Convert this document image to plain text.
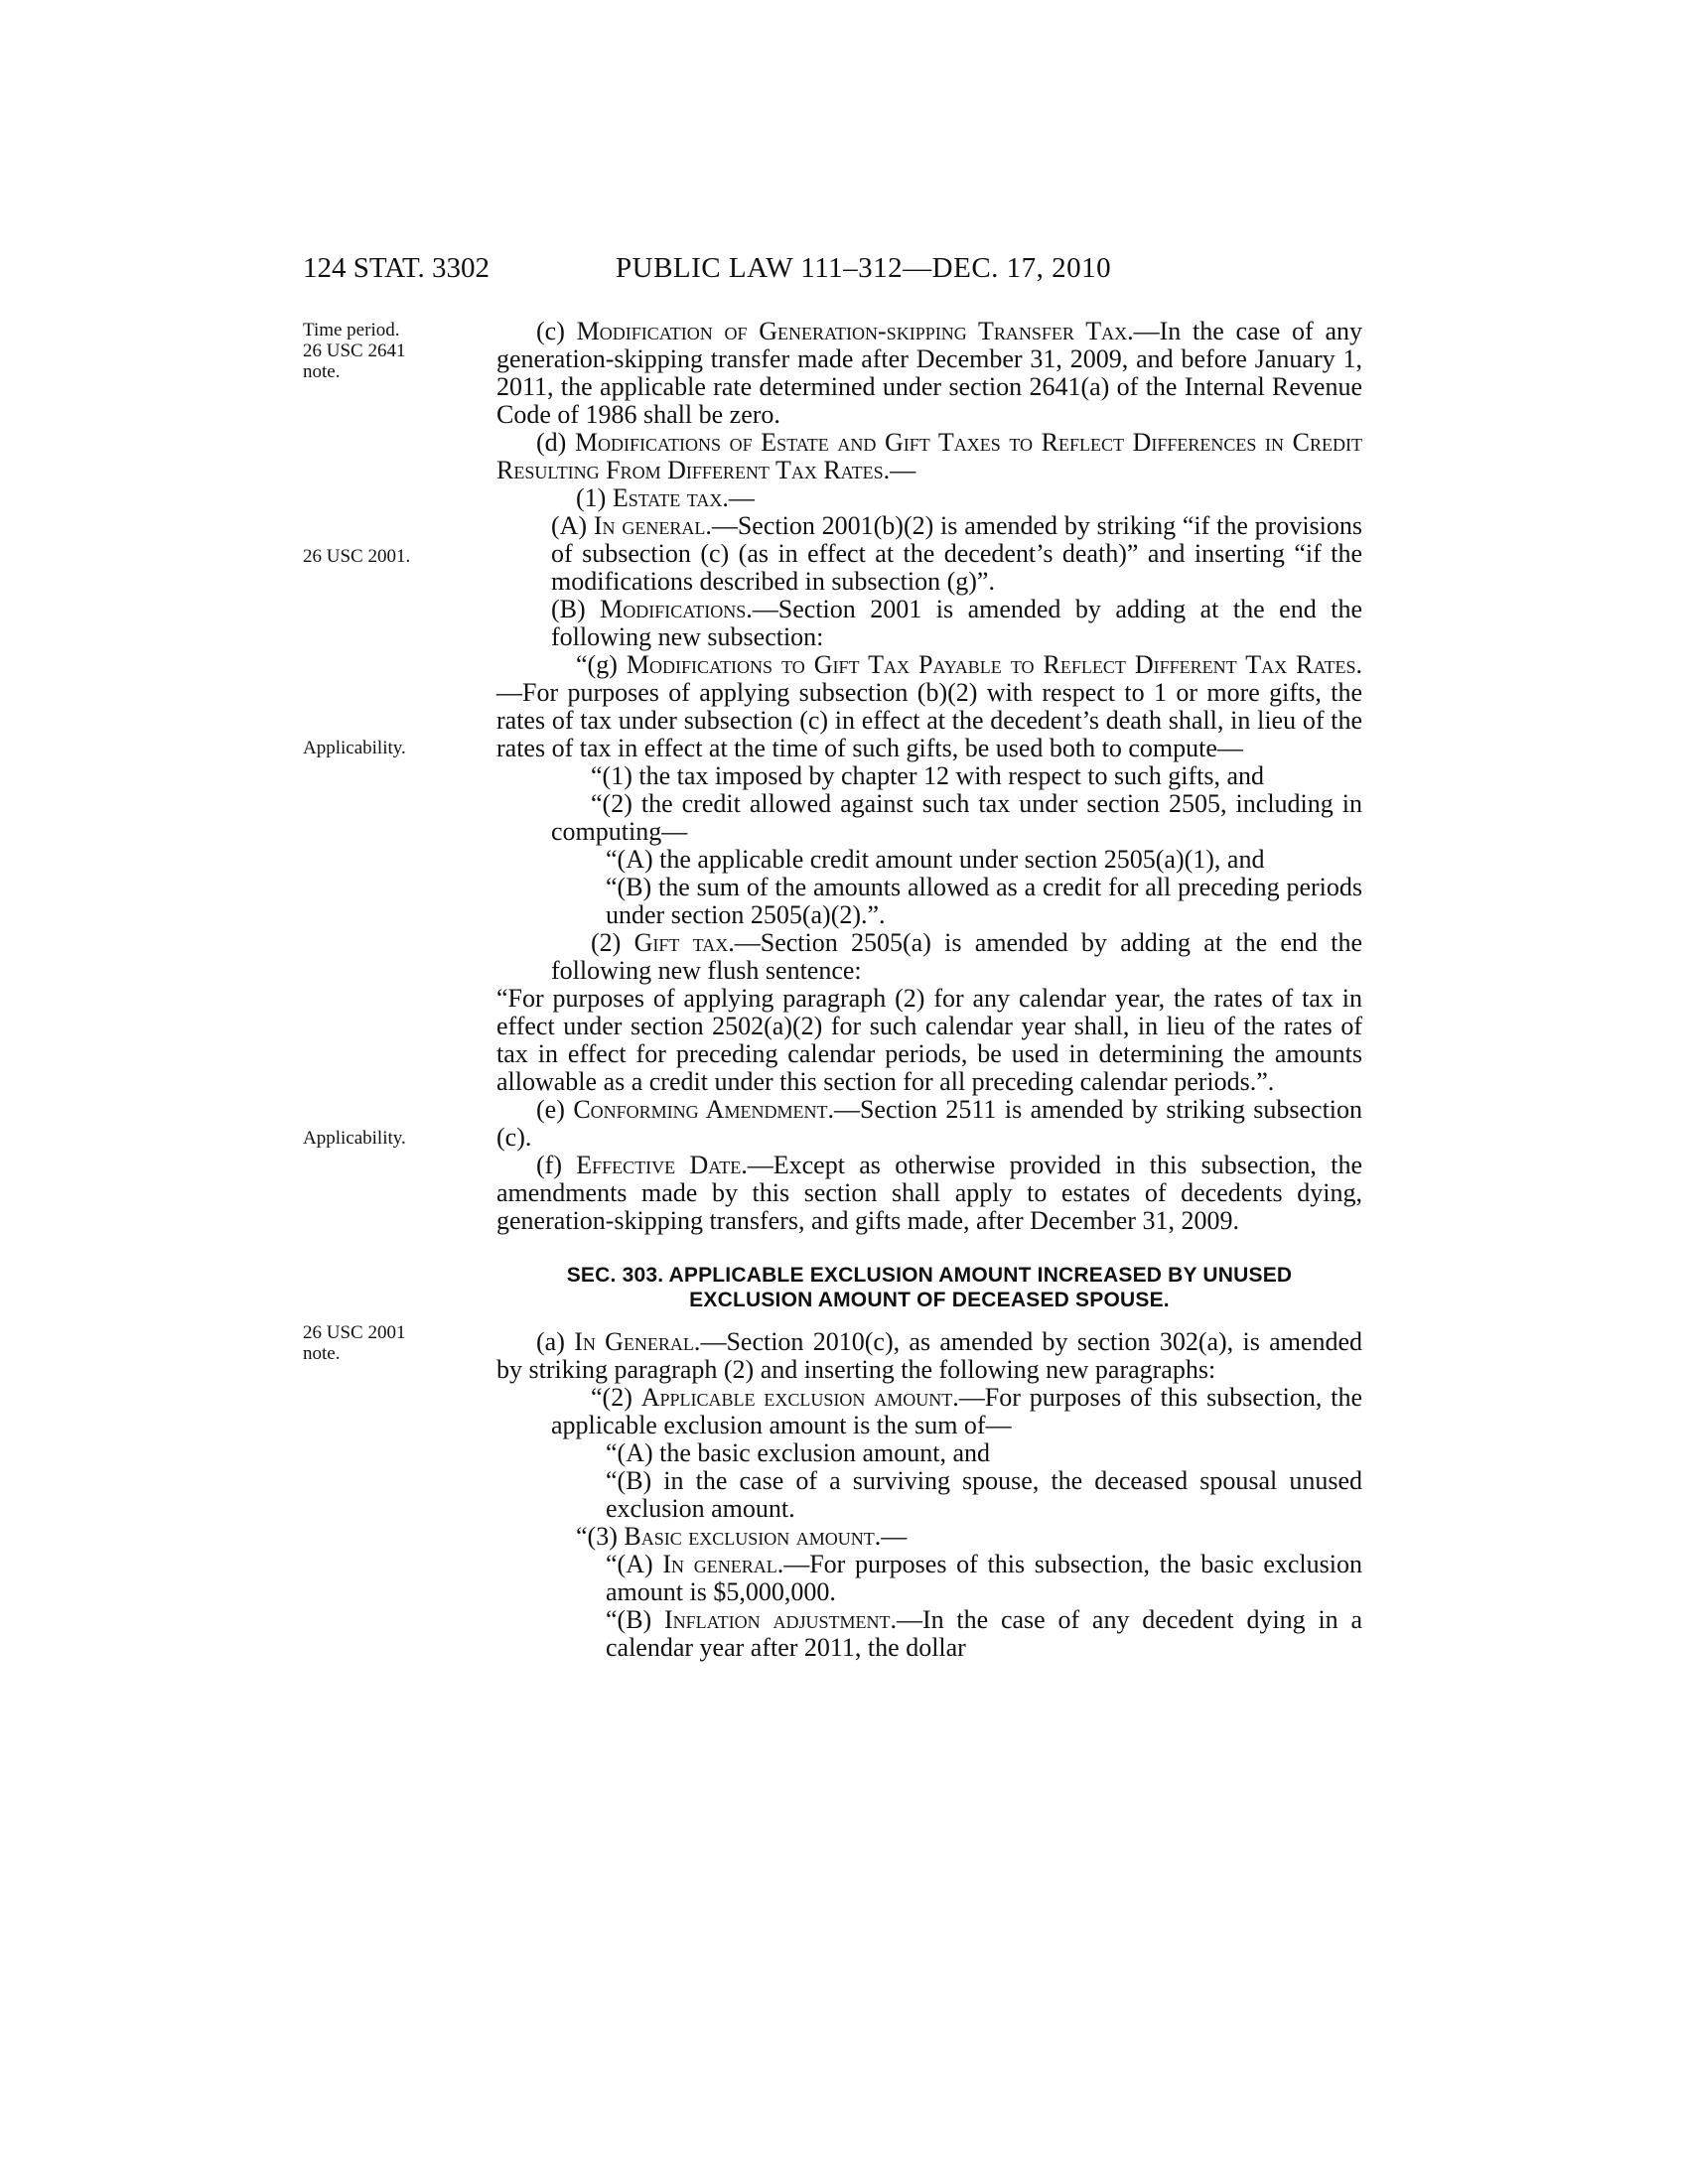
124 STAT. 3302	PUBLIC LAW 111–312—DEC. 17, 2010
Time period.
26 USC 2641
note.
26 USC 2001.
Applicability.
Applicability.
26 USC 2001
note.

(c) Modification of Generation-skipping Transfer Tax.—In the case of any generation-skipping transfer made after December 31, 2009, and before January 1, 2011, the applicable rate determined under section 2641(a) of the Internal Revenue Code of 1986 shall be zero.

(d) Modifications of Estate and Gift Taxes to Reflect Differences in Credit Resulting From Different Tax Rates.—

(1) Estate tax.—

(A) In general.—Section 2001(b)(2) is amended by striking “if the provisions of subsection (c) (as in effect at the decedent’s death)” and inserting “if the modifications described in subsection (g)”.

(B) Modifications.—Section 2001 is amended by adding at the end the following new subsection:

“(g) Modifications to Gift Tax Payable to Reflect Different Tax Rates.—For purposes of applying subsection (b)(2) with respect to 1 or more gifts, the rates of tax under subsection (c) in effect at the decedent’s death shall, in lieu of the rates of tax in effect at the time of such gifts, be used both to compute—

“(1) the tax imposed by chapter 12 with respect to such gifts, and

“(2) the credit allowed against such tax under section 2505, including in computing—

“(A) the applicable credit amount under section 2505(a)(1), and

“(B) the sum of the amounts allowed as a credit for all preceding periods under section 2505(a)(2).”.

(2) Gift tax.—Section 2505(a) is amended by adding at the end the following new flush sentence:

“For purposes of applying paragraph (2) for any calendar year, the rates of tax in effect under section 2502(a)(2) for such calendar year shall, in lieu of the rates of tax in effect for preceding calendar periods, be used in determining the amounts allowable as a credit under this section for all preceding calendar periods.”.

(e) Conforming Amendment.—Section 2511 is amended by striking subsection (c).

(f) Effective Date.—Except as otherwise provided in this subsection, the amendments made by this section shall apply to estates of decedents dying, generation-skipping transfers, and gifts made, after December 31, 2009.

SEC. 303. APPLICABLE EXCLUSION AMOUNT INCREASED BY UNUSED
EXCLUSION AMOUNT OF DECEASED SPOUSE.

(a) In General.—Section 2010(c), as amended by section 302(a), is amended by striking paragraph (2) and inserting the following new paragraphs:

“(2) Applicable exclusion amount.—For purposes of this subsection, the applicable exclusion amount is the sum of—

“(A) the basic exclusion amount, and

“(B) in the case of a surviving spouse, the deceased spousal unused exclusion amount.

“(3) Basic exclusion amount.—

“(A) In general.—For purposes of this subsection, the basic exclusion amount is $5,000,000.

“(B) Inflation adjustment.—In the case of any decedent dying in a calendar year after 2011, the dollar
